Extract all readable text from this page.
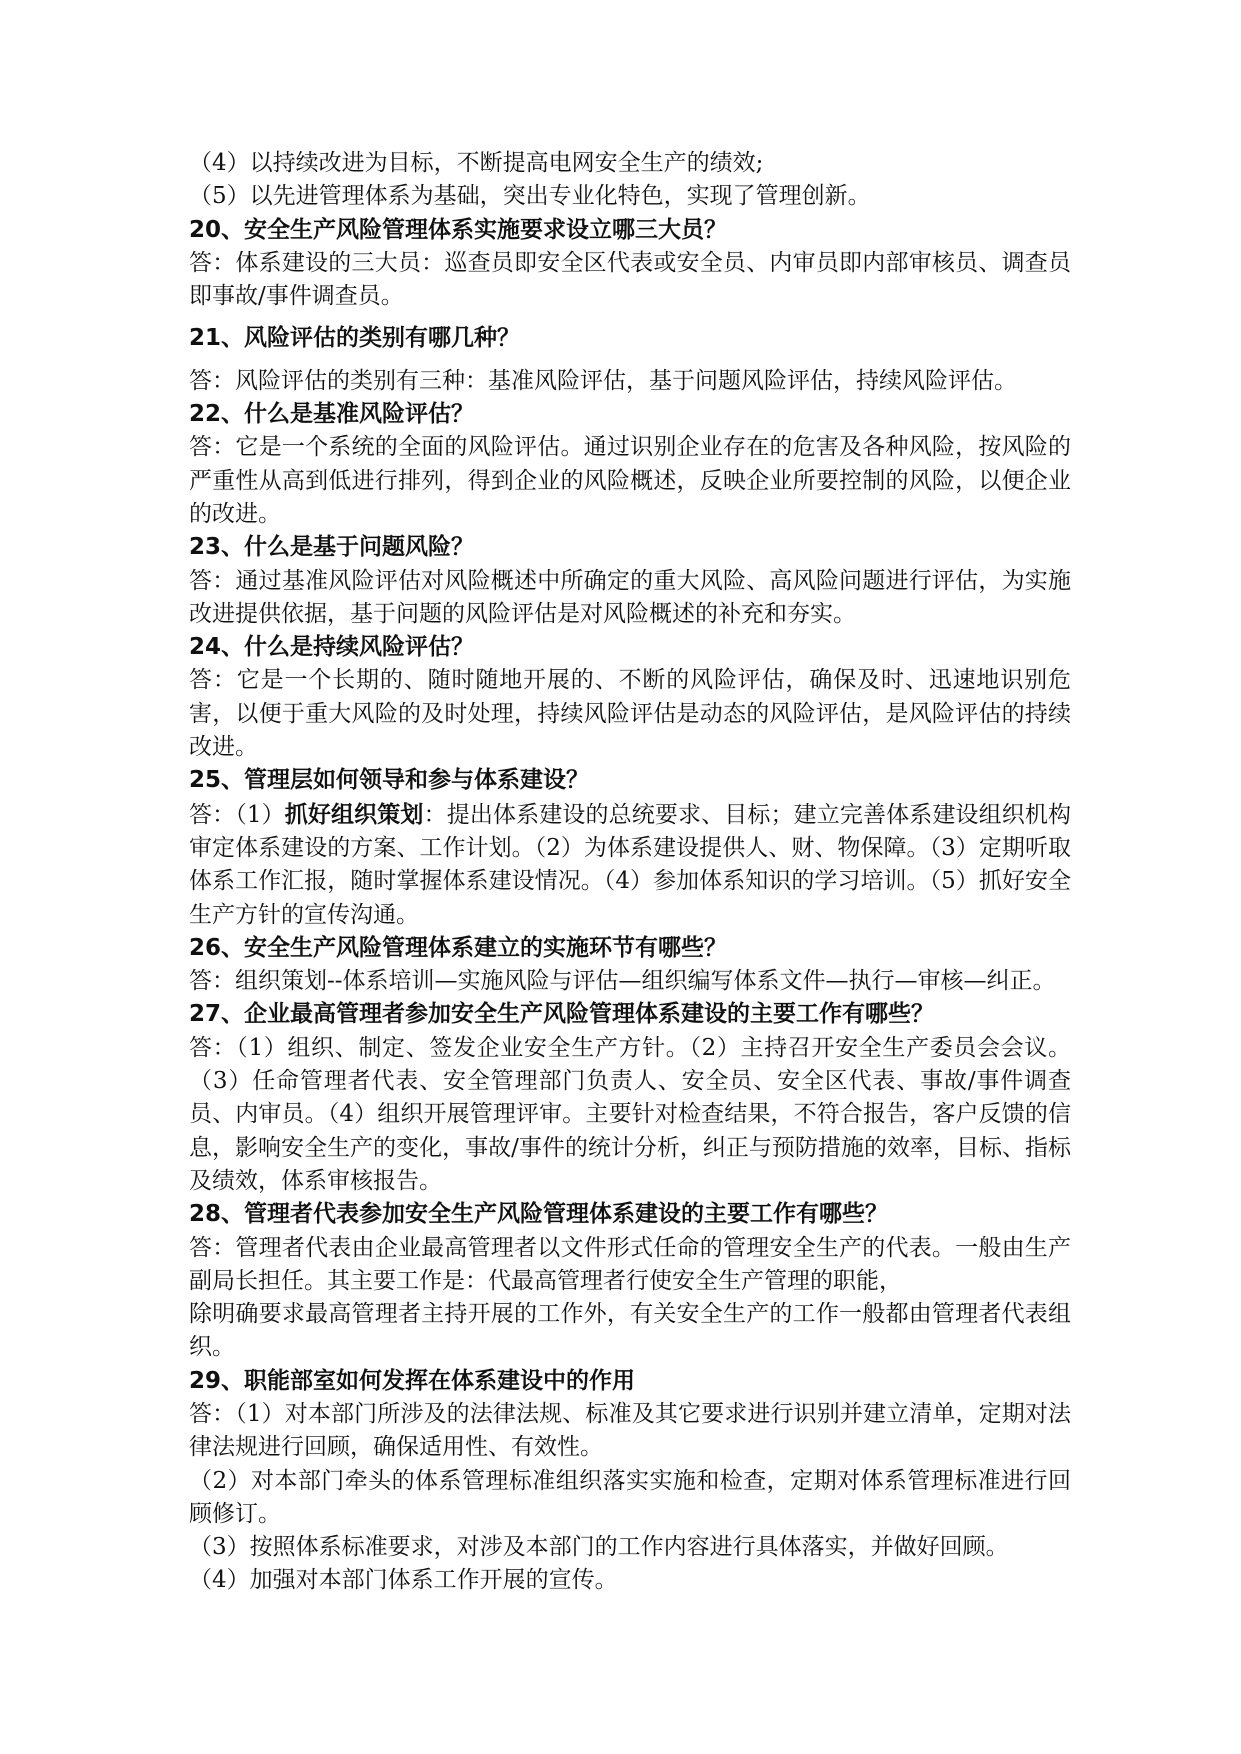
（4）以持续改进为目标，不断提高电网安全生产的绩效;
（5）以先进管理体系为基础，突出专业化特色，实现了管理创新。
20、安全生产风险管理体系实施要求设立哪三大员？
答：体系建设的三大员：巡查员即安全区代表或安全员、内审员即内部审核员、调查员即事故/事件调查员。
21、风险评估的类别有哪几种？
答：风险评估的类别有三种：基准风险评估，基于问题风险评估，持续风险评估。
22、什么是基准风险评估？
答：它是一个系统的全面的风险评估。通过识别企业存在的危害及各种风险，按风险的严重性从高到低进行排列，得到企业的风险概述，反映企业所要控制的风险，以便企业的改进。
23、什么是基于问题风险？
答：通过基准风险评估对风险概述中所确定的重大风险、高风险问题进行评估，为实施改进提供依据，基于问题的风险评估是对风险概述的补充和夯实。
24、什么是持续风险评估？
答：它是一个长期的、随时随地开展的、不断的风险评估，确保及时、迅速地识别危害，以便于重大风险的及时处理，持续风险评估是动态的风险评估，是风险评估的持续改进。
25、管理层如何领导和参与体系建设？
答：（1）抓好组织策划：提出体系建设的总统要求、目标；建立完善体系建设组织机构 审定体系建设的方案、工作计划。（2）为体系建设提供人、财、物保障。（3）定期听取体系工作汇报，随时掌握体系建设情况。（4）参加体系知识的学习培训。（5）抓好安全生产方针的宣传沟通。
26、安全生产风险管理体系建立的实施环节有哪些？
答：组织策划--体系培训—实施风险与评估—组织编写体系文件—执行—审核—纠正。
27、企业最高管理者参加安全生产风险管理体系建设的主要工作有哪些？
答：（1）组织、制定、签发企业安全生产方针。（2）主持召开安全生产委员会会议。（3）任命管理者代表、安全管理部门负责人、安全员、安全区代表、事故/事件调查员、内审员。（4）组织开展管理评审。主要针对检查结果，不符合报告，客户反馈的信息，影响安全生产的变化，事故/事件的统计分析，纠正与预防措施的效率，目标、指标及绩效，体系审核报告。
28、管理者代表参加安全生产风险管理体系建设的主要工作有哪些？
答：管理者代表由企业最高管理者以文件形式任命的管理安全生产的代表。一般由生产副局长担任。其主要工作是：代最高管理者行使安全生产管理的职能，
除明确要求最高管理者主持开展的工作外，有关安全生产的工作一般都由管理者代表组织。
29、职能部室如何发挥在体系建设中的作用
答：（1）对本部门所涉及的法律法规、标准及其它要求进行识别并建立清单，定期对法律法规进行回顾，确保适用性、有效性。
（2）对本部门牵头的体系管理标准组织落实实施和检查，定期对体系管理标准进行回顾修订。
（3）按照体系标准要求，对涉及本部门的工作内容进行具体落实，并做好回顾。
（4）加强对本部门体系工作开展的宣传。
